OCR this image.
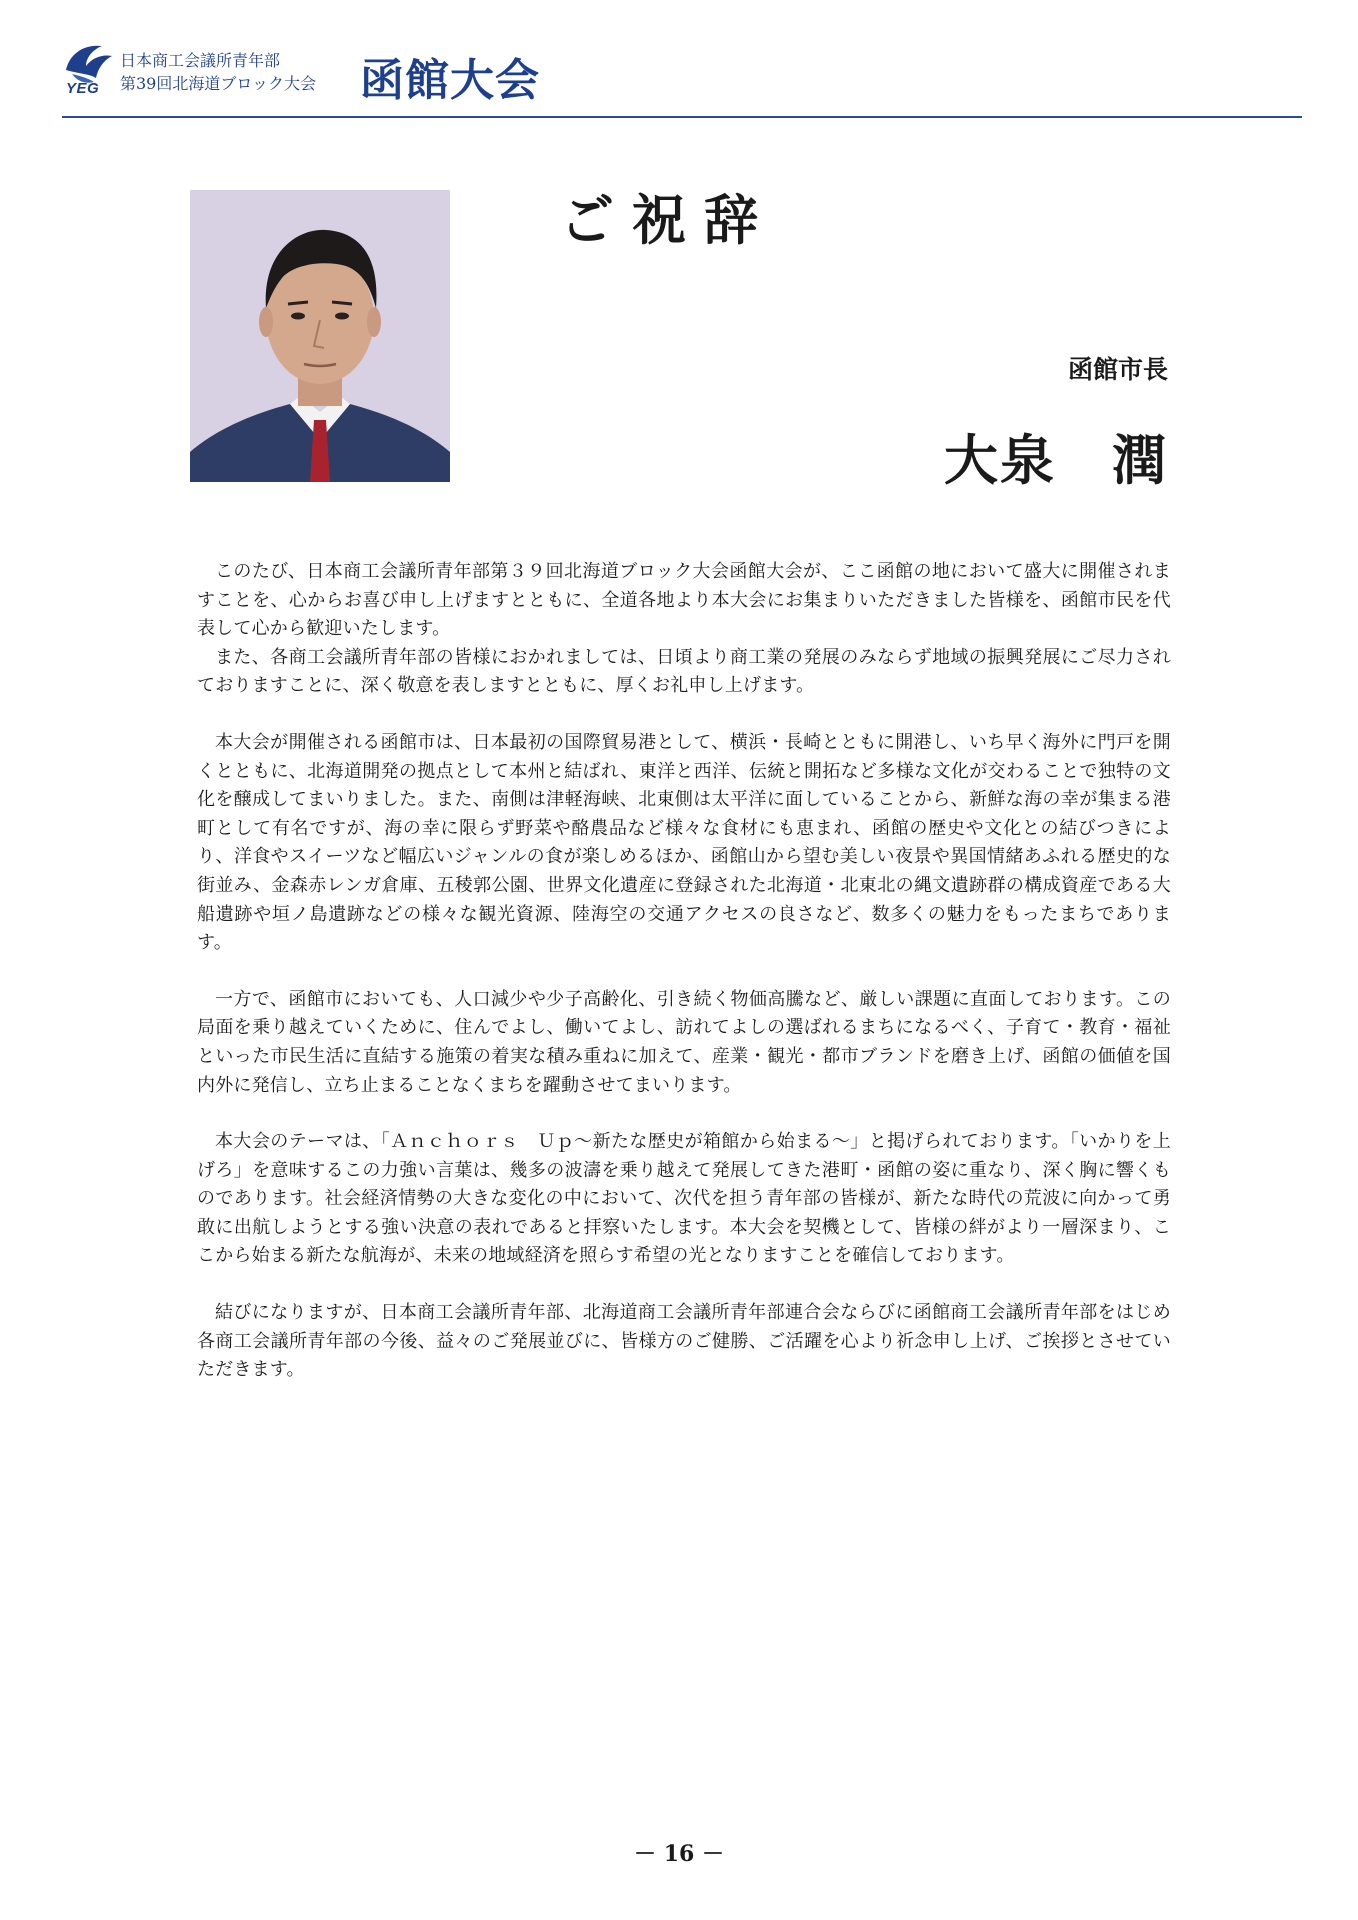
YEG
日本商工会議所青年部
第39回北海道ブロック大会 函館大会
ご祝辞
函館市長
大泉　潤

このたび、日本商工会議所青年部第３９回北海道ブロック大会函館大会が、ここ函館の地において盛大に開催されますことを、心からお喜び申し上げますとともに、全道各地より本大会にお集まりいただきました皆様を、函館市民を代表して心から歓迎いたします。

また、各商工会議所青年部の皆様におかれましては、日頃より商工業の発展のみならず地域の振興発展にご尽力されておりますことに、深く敬意を表しますとともに、厚くお礼申し上げます。

本大会が開催される函館市は、日本最初の国際貿易港として、横浜・長崎とともに開港し、いち早く海外に門戸を開くとともに、北海道開発の拠点として本州と結ばれ、東洋と西洋、伝統と開拓など多様な文化が交わることで独特の文化を醸成してまいりました。また、南側は津軽海峡、北東側は太平洋に面していることから、新鮮な海の幸が集まる港町として有名ですが、海の幸に限らず野菜や酪農品など様々な食材にも恵まれ、函館の歴史や文化との結びつきにより、洋食やスイーツなど幅広いジャンルの食が楽しめるほか、函館山から望む美しい夜景や異国情緒あふれる歴史的な街並み、金森赤レンガ倉庫、五稜郭公園、世界文化遺産に登録された北海道・北東北の縄文遺跡群の構成資産である大船遺跡や垣ノ島遺跡などの様々な観光資源、陸海空の交通アクセスの良さなど、数多くの魅力をもったまちであります。

一方で、函館市においても、人口減少や少子高齢化、引き続く物価高騰など、厳しい課題に直面しております。この局面を乗り越えていくために、住んでよし、働いてよし、訪れてよしの選ばれるまちになるべく、子育て・教育・福祉といった市民生活に直結する施策の着実な積み重ねに加えて、産業・観光・都市ブランドを磨き上げ、函館の価値を国内外に発信し、立ち止まることなくまちを躍動させてまいります。

本大会のテーマは、「Ａｎｃｈｏｒｓ　Ｕｐ～新たな歴史が箱館から始まる～」と掲げられております。「いかりを上げろ」を意味するこの力強い言葉は、幾多の波濤を乗り越えて発展してきた港町・函館の姿に重なり、深く胸に響くものであります。社会経済情勢の大きな変化の中において、次代を担う青年部の皆様が、新たな時代の荒波に向かって勇敢に出航しようとする強い決意の表れであると拝察いたします。本大会を契機として、皆様の絆がより一層深まり、ここから始まる新たな航海が、未来の地域経済を照らす希望の光となりますことを確信しております。

結びになりますが、日本商工会議所青年部、北海道商工会議所青年部連合会ならびに函館商工会議所青年部をはじめ各商工会議所青年部の今後、益々のご発展並びに、皆様方のご健勝、ご活躍を心より祈念申し上げ、ご挨拶とさせていただきます。

－ 16 －
